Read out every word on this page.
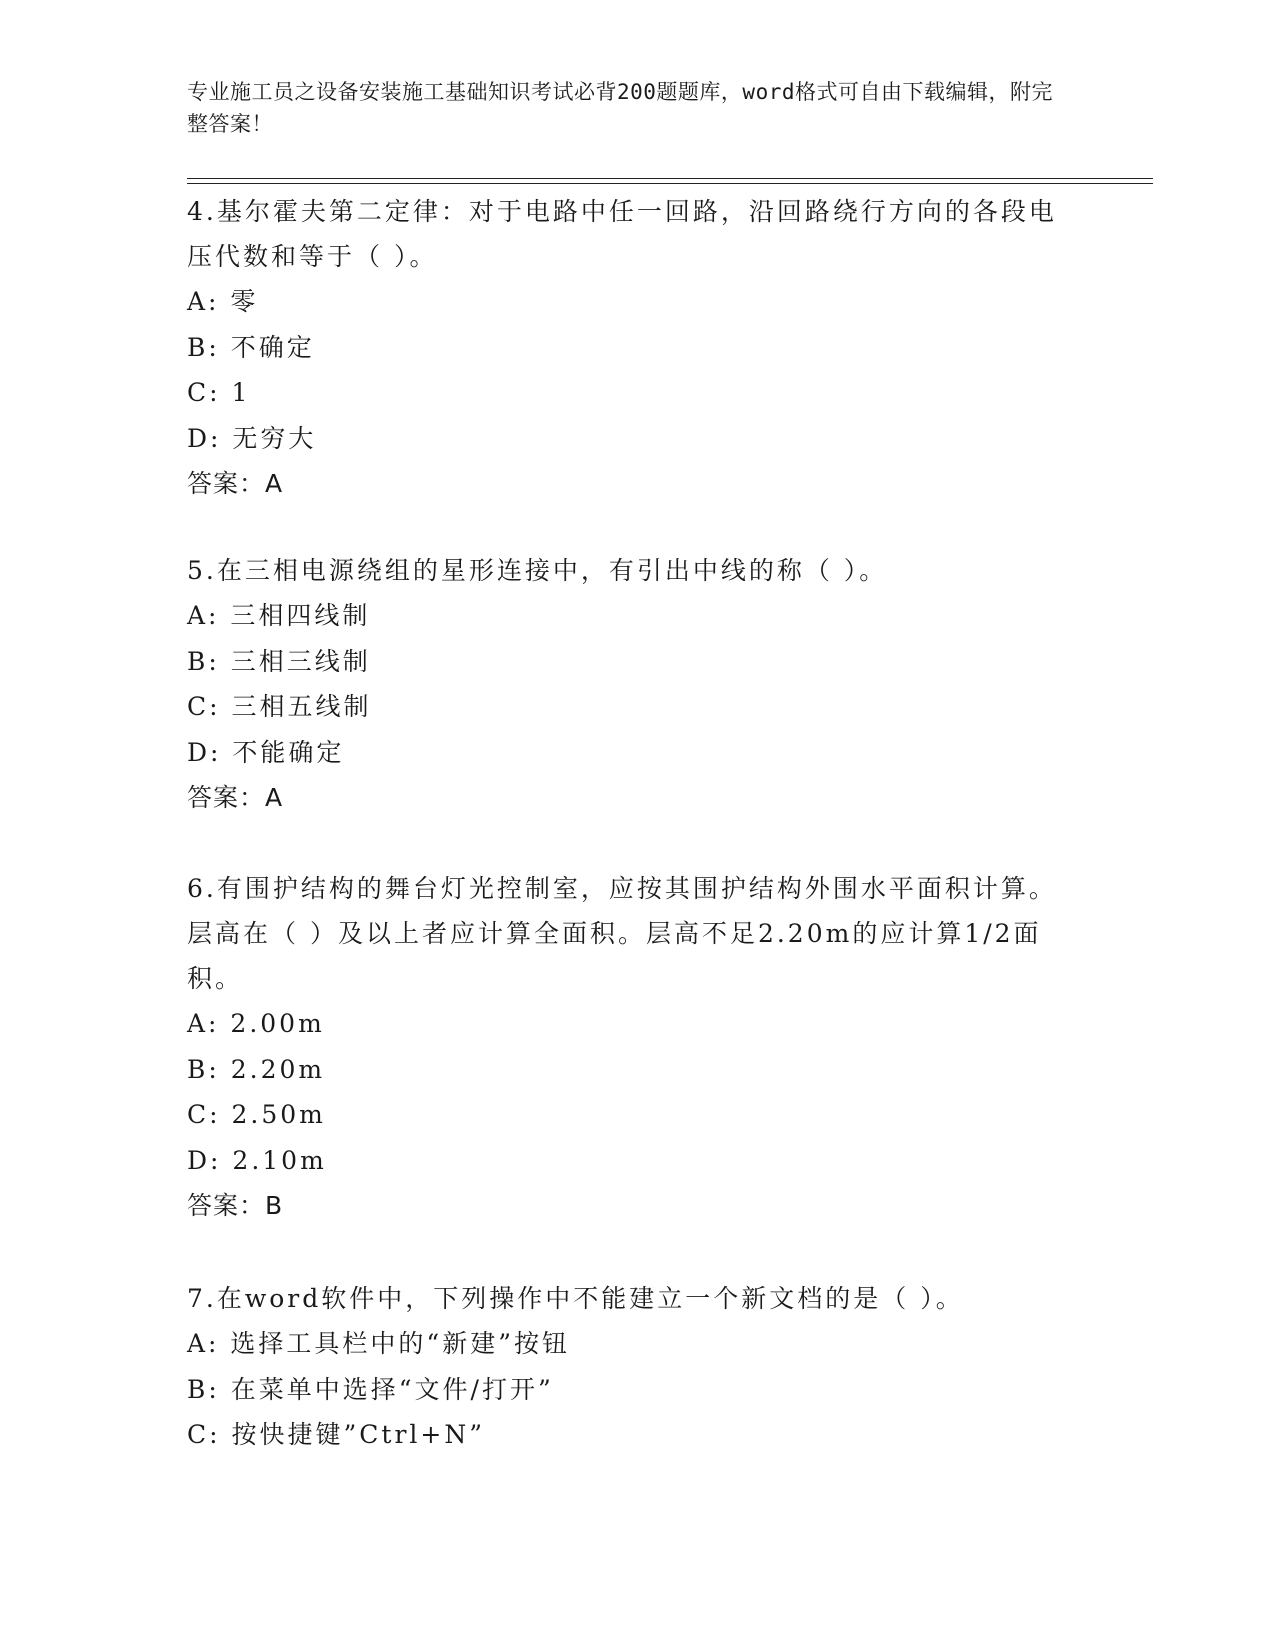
专业施工员之设备安装施工基础知识考试必背200题题库，word格式可自由下载编辑，附完整答案！

4.基尔霍夫第二定律：对于电路中任一回路，沿回路绕行方向的各段电压代数和等于（ ）。

A: 零

B: 不确定

C: 1

D: 无穷大

答案：A

5.在三相电源绕组的星形连接中，有引出中线的称（ ）。

A: 三相四线制

B: 三相三线制

C: 三相五线制

D: 不能确定

答案：A

6.有围护结构的舞台灯光控制室，应按其围护结构外围水平面积计算。层高在（ ）及以上者应计算全面积。层高不足2.20m的应计算1/2面积。

A: 2.00m

B: 2.20m

C: 2.50m

D: 2.10m

答案：B

7.在word软件中，下列操作中不能建立一个新文档的是（ ）。

A: 选择工具栏中的“新建”按钮

B: 在菜单中选择“文件/打开”

C: 按快捷键”Ctrl+N”
